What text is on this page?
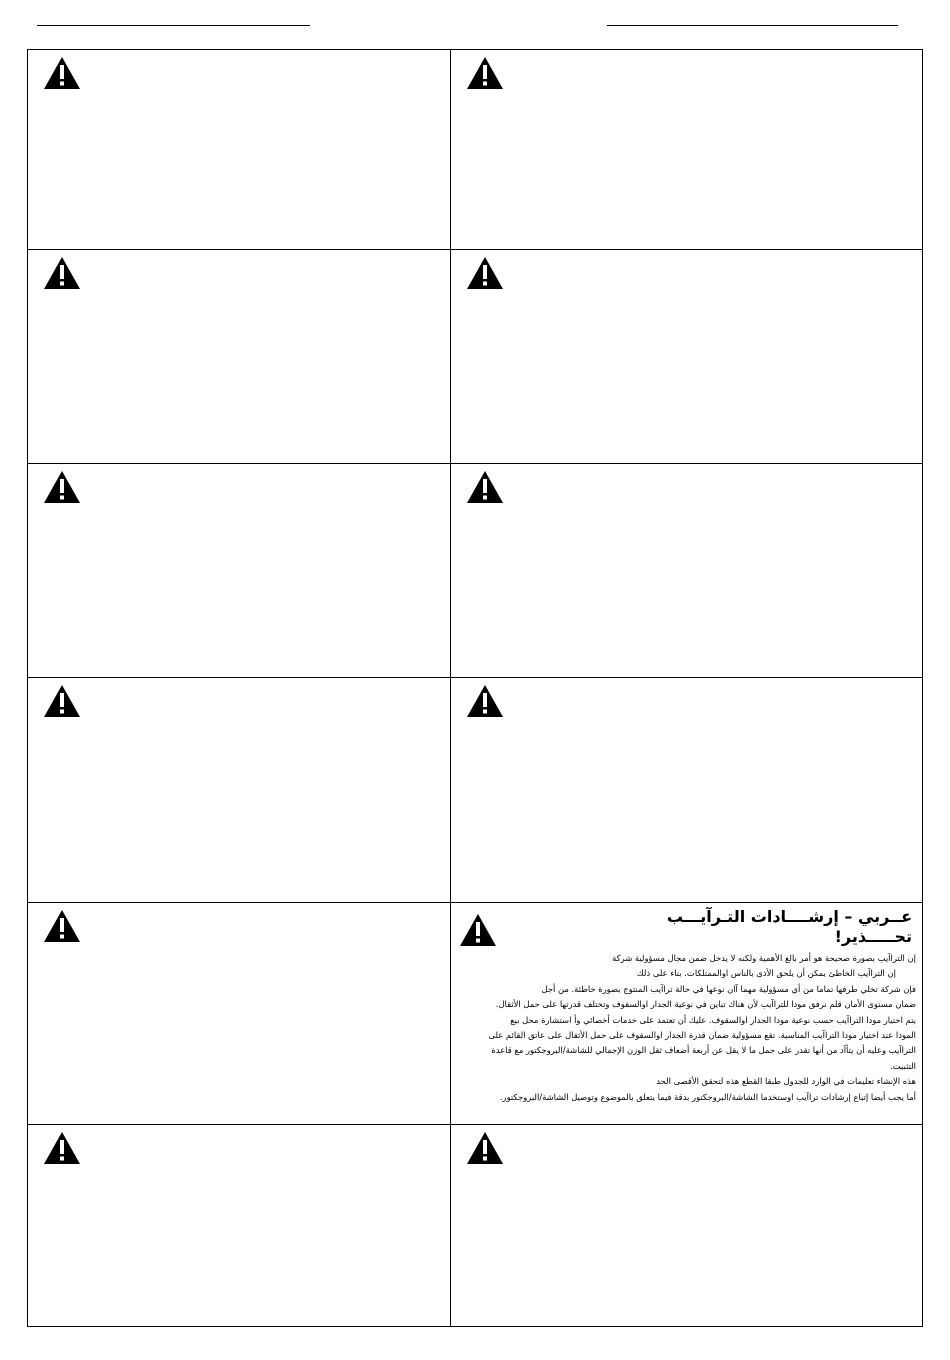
عــربي – إرشــــادات التـرآيـــب
تحـــــذير!

إن التراآيب بصورة صحيحة هو أمر بالغ الأهمية ولكنه لا يدخل ضمن مجال مسؤولية شركة

إن التراآيب الخاطئ يمكن أن يلحق الأذى بالناس اوالممتلكات. بناء على ذلك

فإن شركة تخلي طرفها تماما من أي مسؤولية مهما آان نوعها في حالة تراآيب المنتوج بصورة خاطئة. من أجل

ضمان مستوى الأمان قلم نرفق مودا للتراآيب لأن هناك تباين في نوعية الجدار اوالسقوف وتختلف قدرتها على حمل الأثقال.

يتم اختيار مودا التراآيب حسب نوعية مودا الجدار اوالسقوف. عليك أن تعتمد على خدمات أخصائي وأ استشارة محل بيع

المودا عند اختيار مودا التراآيب المناسبة. تقع مسؤولية ضمان قدرة الجدار اوالسقوف على حمل الأثقال على عاتق القائم على

التراآيب وعليه أن يتأآد من أنها تقدر على حمل ما لا يقل عن أربعة أضعاف ثقل الوزن الإجمالي للشاشة/البروجكتور مع قاعدة

التثبيت.

هذه الإنشاء تعليمات في الوارد للجدول طبقا القطع هذه لتحقق الأقصى الحد

أما يجب أيضا إتباع إرشادات تراآيب اوستخدما الشاشة/البروجكتور بدقة فيما يتعلق بالموضوع وتوصيل الشاشة/البروجكتور.
